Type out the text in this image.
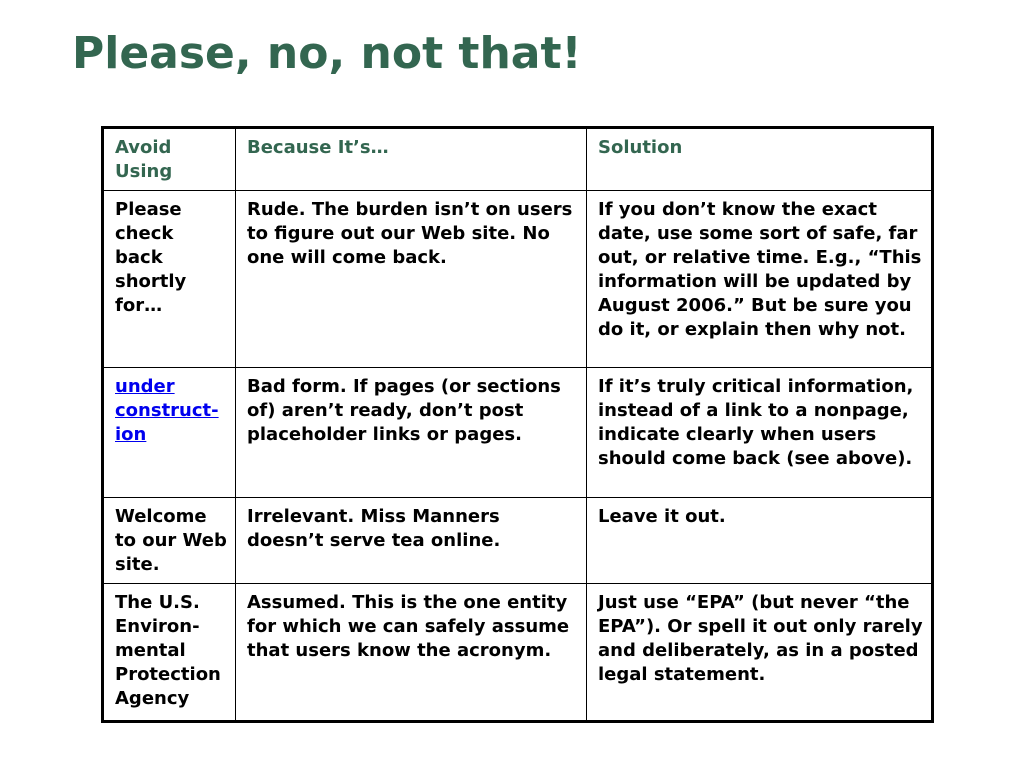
Please, no, not that!
Avoid Using	Because It’s…	Solution
Please check back shortly for…	Rude. The burden isn’t on users to figure out our Web site. No one will come back.	If you don’t know the exact date, use some sort of safe, far out, or relative time. E.g., “This information will be updated by August 2006.” But be sure you do it, or explain then why not.
under construct-ion	Bad form. If pages (or sections of) aren’t ready, don’t post placeholder links or pages.	If it’s truly critical information, instead of a link to a nonpage, indicate clearly when users should come back (see above).
Welcome to our Web site.	Irrelevant. Miss Manners doesn’t serve tea online.	Leave it out.
The U.S. Environ-mental Protection Agency	Assumed. This is the one entity for which we can safely assume that users know the acronym.	Just use “EPA” (but never “the EPA”). Or spell it out only rarely and deliberately, as in a posted legal statement.
